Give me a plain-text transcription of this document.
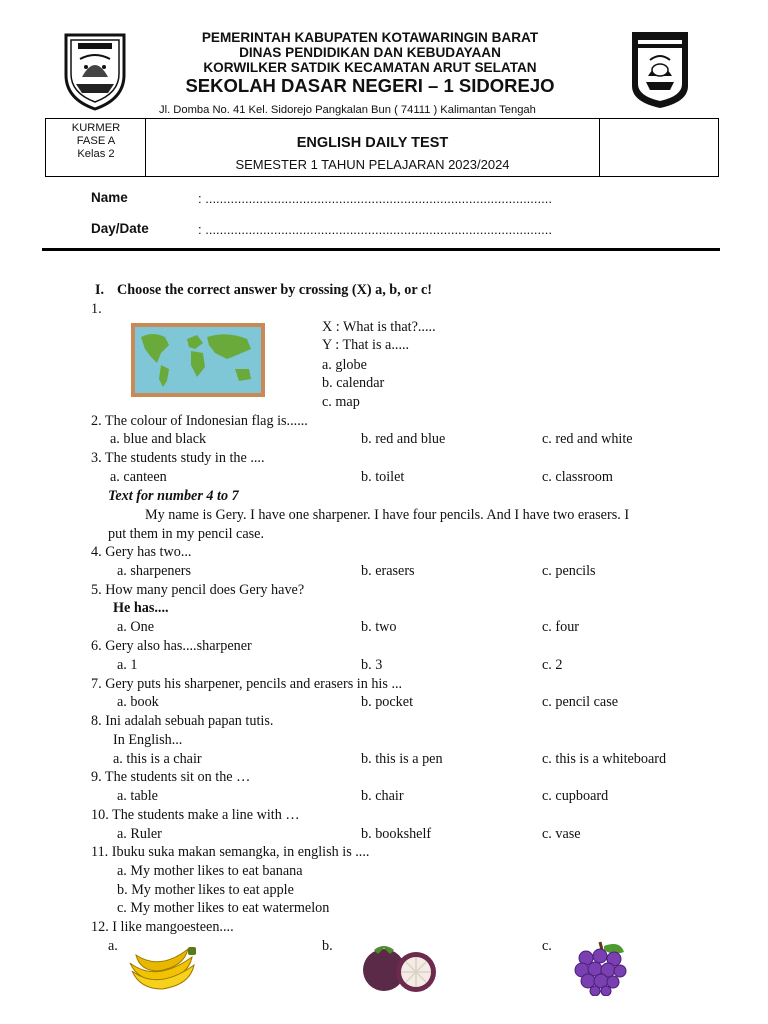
PEMERINTAH KABUPATEN KOTAWARINGIN BARAT
DINAS PENDIDIKAN DAN KEBUDAYAAN
KORWILKER SATDIK KECAMATAN ARUT SELATAN
SEKOLAH DASAR NEGERI – 1 SIDOREJO
Jl. Domba No. 41 Kel. Sidorejo Pangkalan Bun ( 74111 ) Kalimantan Tengah
KURMER
FASE A
Kelas 2
ENGLISH DAILY TEST
SEMESTER 1 TAHUN PELAJARAN 2023/2024
Name	: ................................................................................................
Day/Date	: ................................................................................................
I. Choose the correct answer by crossing (X) a, b, or c!
1.
X : What is that?.....
Y : That is a.....
a. globe
b. calendar
c. map
2. The colour of Indonesian flag is......
a. blue and black	b. red and blue	c. red and white
3. The students study in the ....
a. canteen	b. toilet	c. classroom
Text for number 4 to 7
My name is Gery. I have one sharpener. I have four pencils. And I have two erasers. I
put them in my pencil case.
4. Gery has two...
a. sharpeners	b. erasers	c. pencils
5. How many pencil does Gery have?
He has....
a. One	b. two	c. four
6. Gery also has....sharpener
a. 1	b. 3	c. 2
7. Gery puts his sharpener, pencils and erasers in his ...
a. book	b. pocket	c. pencil case
8. Ini adalah sebuah papan tutis.
In English...
a. this is a chair	b. this is a pen	c. this is a whiteboard
9. The students sit on the …
a. table	b. chair	c. cupboard
10. The students make a line with …
a. Ruler	b. bookshelf	c. vase
11. Ibuku suka makan semangka, in english is ....
a. My mother likes to eat banana
b. My mother likes to eat apple
c. My mother likes to eat watermelon
12. I like mangoesteen....
a.	b.	c.
